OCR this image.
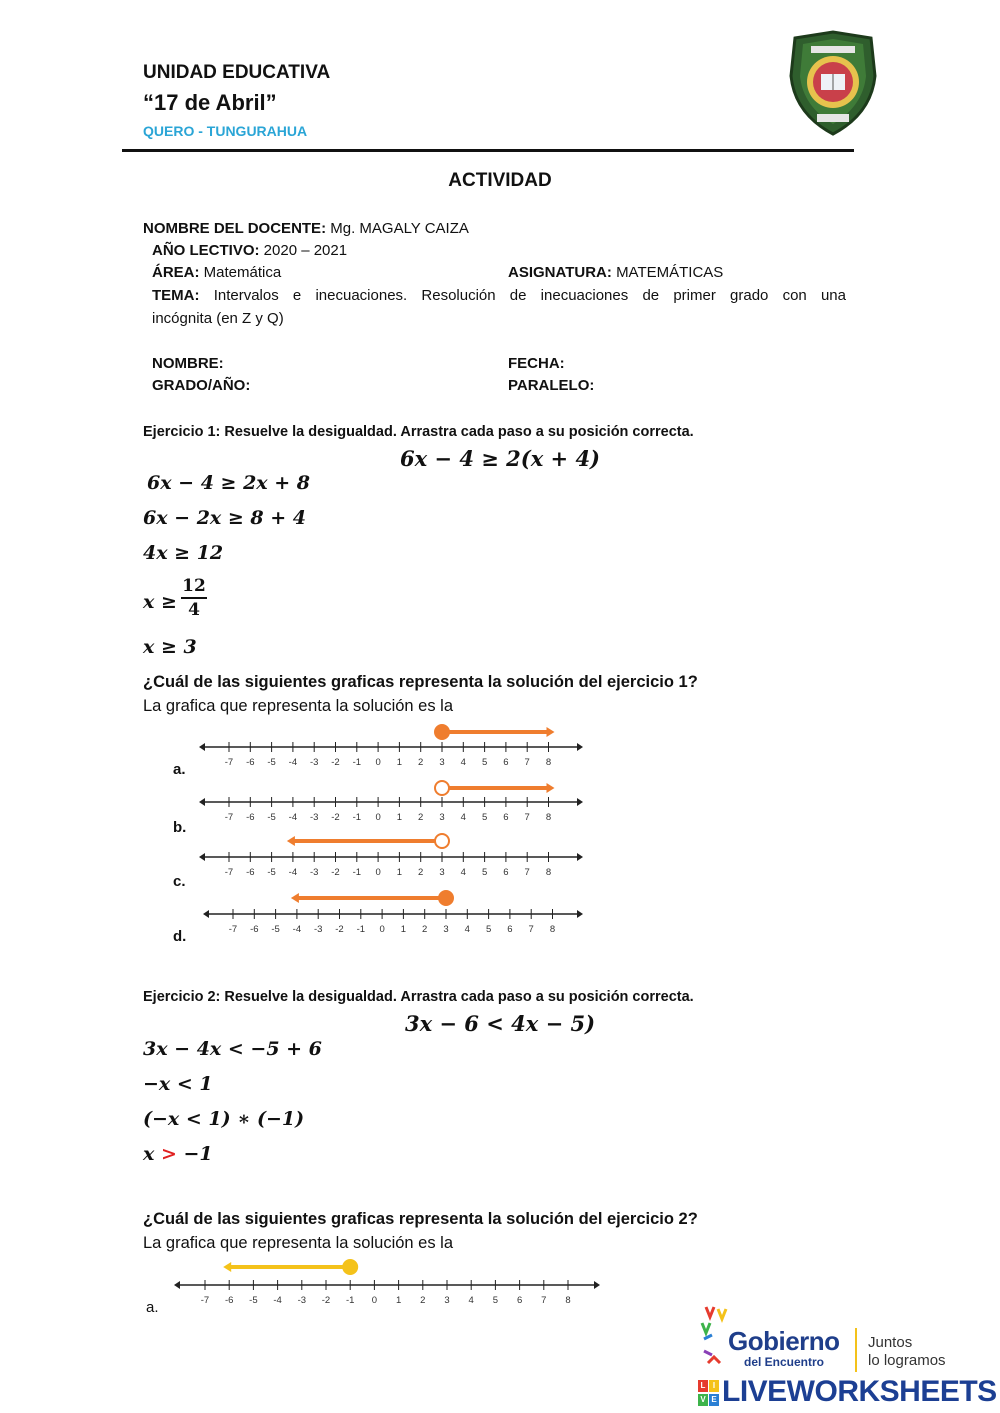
UNIDAD EDUCATIVA
“17 de Abril”
QUERO - TUNGURAHUA
ACTIVIDAD
NOMBRE DEL DOCENTE: Mg. MAGALY CAIZA
AÑO LECTIVO: 2020 – 2021
ÁREA: Matemática	ASIGNATURA: MATEMÁTICAS
TEMA: Intervalos e inecuaciones. Resolución de inecuaciones de primer grado con una
incógnita (en Z y Q)
NOMBRE:	FECHA:
GRADO/AÑO:	PARALELO:
Ejercicio 1: Resuelve la desigualdad. Arrastra cada paso a su posición correcta.
6x − 4 ≥ 2(x + 4)
6x − 4 ≥ 2x + 8
6x − 2x ≥ 8 + 4
4x ≥ 12
x ≥
12
4
x ≥ 3
¿Cuál de las siguientes graficas representa la solución del ejercicio 1?
La grafica que representa la solución es la
a.
b.
c.
d.
-7 -6 -5 -4 -3 -2 -1 0 1 2 3 4 5 6 7 8
-7 -6 -5 -4 -3 -2 -1 0 1 2 3 4 5 6 7 8
-7 -6 -5 -4 -3 -2 -1 0 1 2 3 4 5 6 7 8
-7 -6 -5 -4 -3 -2 -1 0 1 2 3 4 5 6 7 8
Ejercicio 2: Resuelve la desigualdad. Arrastra cada paso a su posición correcta.
3x − 6 < 4x − 5)
3x − 4x < −5 + 6
−x < 1
(−x < 1) ∗ (−1)
x > −1
¿Cuál de las siguientes graficas representa la solución del ejercicio 2?
La grafica que representa la solución es la
a.	-7 -6 -5 -4 -3 -2 -1 0 1 2 3 4 5 6 7 8
Gobierno
del Encuentro
Juntos
lo logramos
L I
V E LIVEWORKSHEETS
